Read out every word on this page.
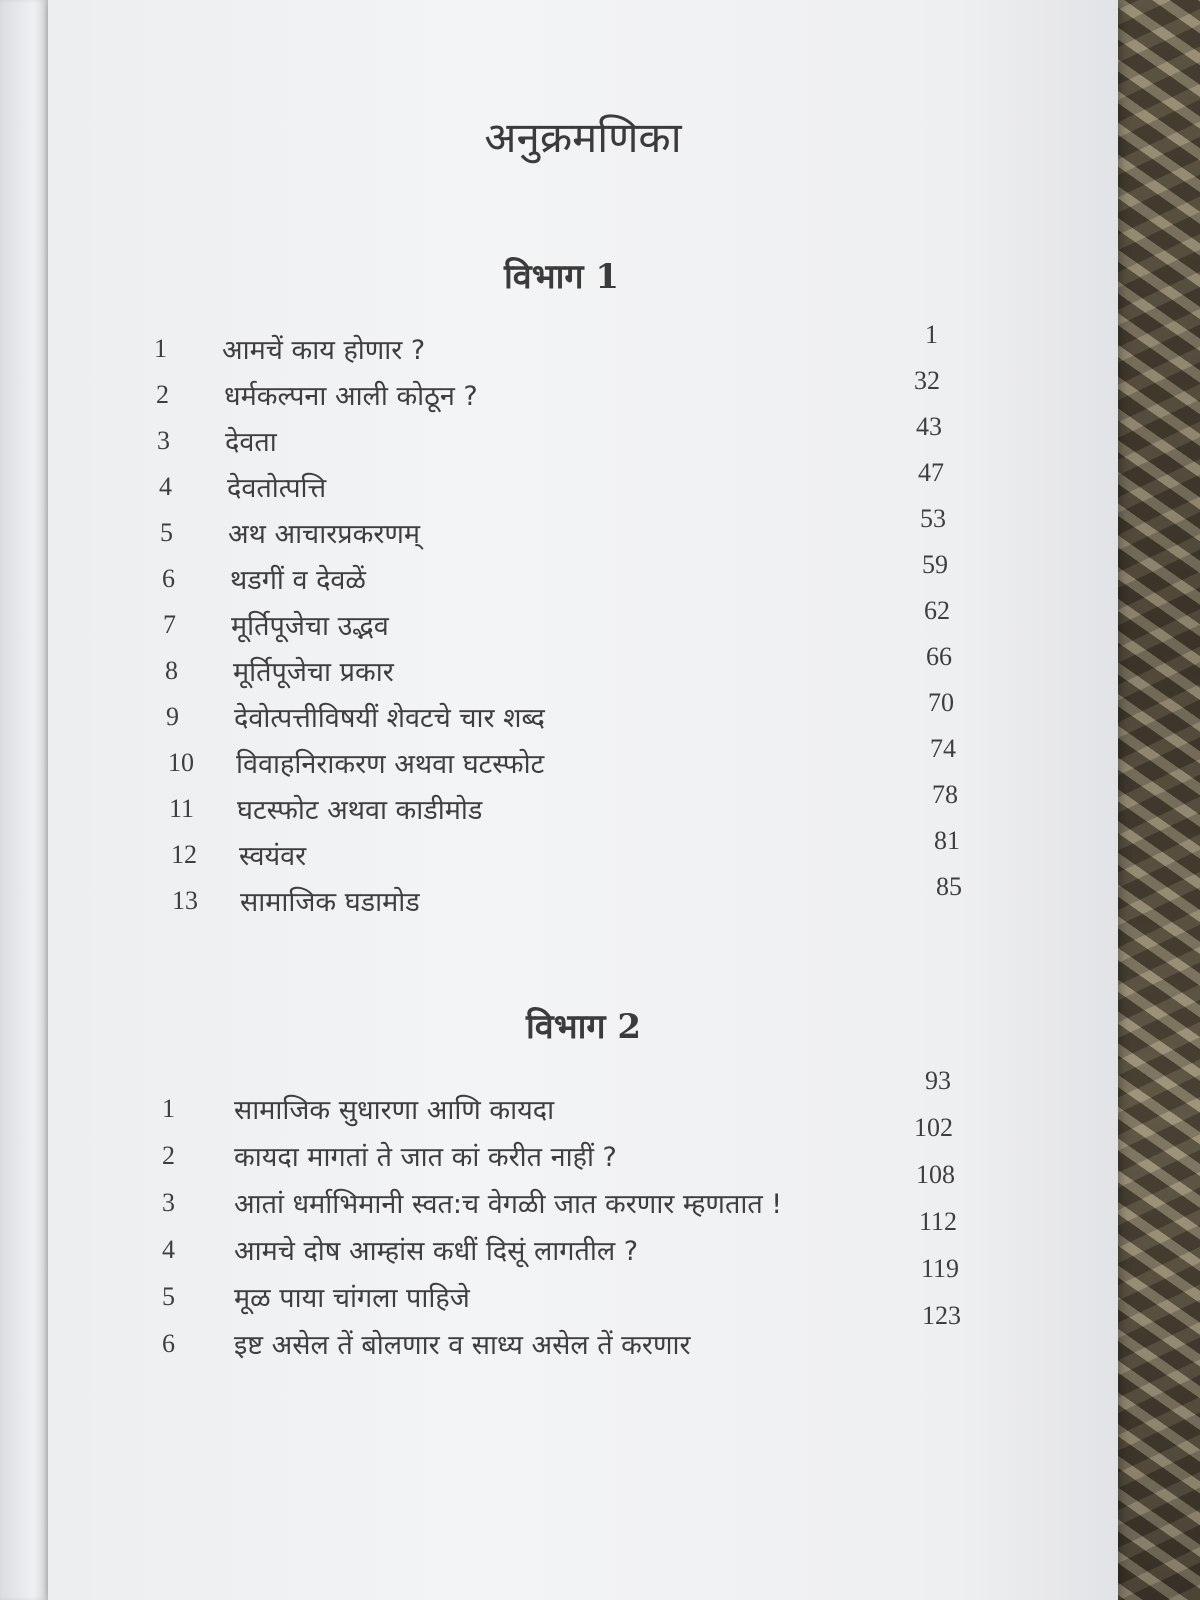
अनुक्रमणिका
विभाग 1
1 आमचें काय होणार ?
1
2 धर्मकल्पना आली कोठून ?
32
3 देवता
43
4 देवतोत्पत्ति
47
5 अथ आचारप्रकरणम्
53
6 थडगीं व देवळें
59
7 मूर्तिपूजेचा उद्भव
62
8 मूर्तिपूजेचा प्रकार
66
9 देवोत्पत्तीविषयीं शेवटचे चार शब्द
70
10 विवाहनिराकरण अथवा घटस्फोट
74
11 घटस्फोट अथवा काडीमोड
78
12 स्वयंवर
81
13 सामाजिक घडामोड
85
विभाग 2
1 सामाजिक सुधारणा आणि कायदा
93
2 कायदा मागतां ते जात कां करीत नाहीं ?
102
3 आतां धर्माभिमानी स्वत:च वेगळी जात करणार म्हणतात !
108
4 आमचे दोष आम्हांस कधीं दिसूं लागतील ?
112
5 मूळ पाया चांगला पाहिजे
119
6 इष्ट असेल तें बोलणार व साध्य असेल तें करणार
123
